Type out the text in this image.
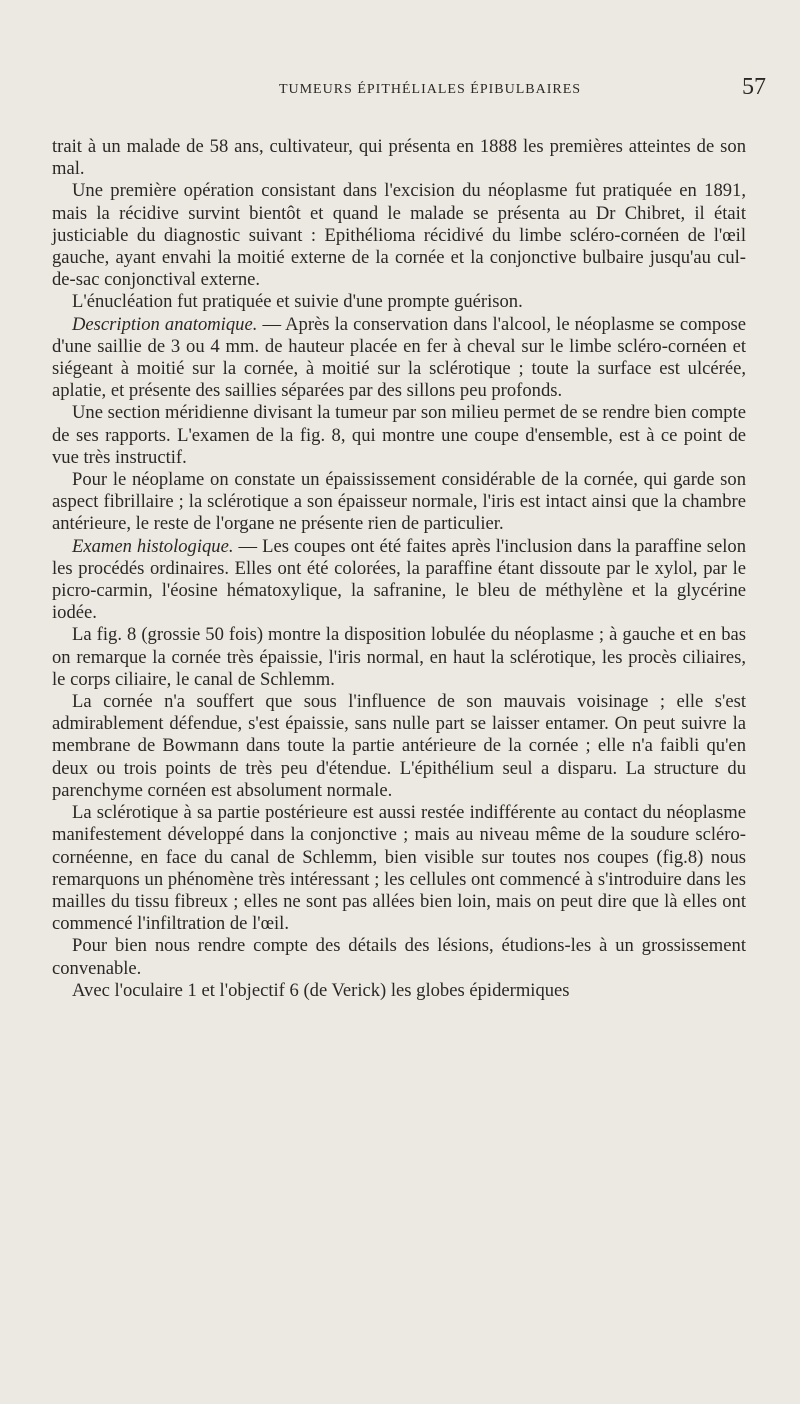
TUMEURS ÉPITHÉLIALES ÉPIBULBAIRES	57

trait à un malade de 58 ans, cultivateur, qui présenta en 1888 les premières atteintes de son mal.

Une première opération consistant dans l'excision du néoplasme fut pratiquée en 1891, mais la récidive survint bientôt et quand le malade se présenta au Dr Chibret, il était justiciable du diagnostic suivant : Epithélioma récidivé du limbe scléro-cornéen de l'œil gauche, ayant envahi la moitié externe de la cornée et la conjonctive bulbaire jusqu'au cul-de-sac conjonctival externe.

L'énucléation fut pratiquée et suivie d'une prompte guérison.

Description anatomique. — Après la conservation dans l'alcool, le néoplasme se compose d'une saillie de 3 ou 4 mm. de hauteur placée en fer à cheval sur le limbe scléro-cornéen et siégeant à moitié sur la cornée, à moitié sur la sclérotique ; toute la surface est ulcérée, aplatie, et présente des saillies séparées par des sillons peu profonds.

Une section méridienne divisant la tumeur par son milieu permet de se rendre bien compte de ses rapports. L'examen de la fig. 8, qui montre une coupe d'ensemble, est à ce point de vue très instructif.

Pour le néoplame on constate un épaississement considérable de la cornée, qui garde son aspect fibrillaire ; la sclérotique a son épaisseur normale, l'iris est intact ainsi que la chambre antérieure, le reste de l'organe ne présente rien de particulier.

Examen histologique. — Les coupes ont été faites après l'inclusion dans la paraffine selon les procédés ordinaires. Elles ont été colorées, la paraffine étant dissoute par le xylol, par le picro-carmin, l'éosine hématoxylique, la safranine, le bleu de méthylène et la glycérine iodée.

La fig. 8 (grossie 50 fois) montre la disposition lobulée du néoplasme ; à gauche et en bas on remarque la cornée très épaissie, l'iris normal, en haut la sclérotique, les procès ciliaires, le corps ciliaire, le canal de Schlemm.

La cornée n'a souffert que sous l'influence de son mauvais voisinage ; elle s'est admirablement défendue, s'est épaissie, sans nulle part se laisser entamer. On peut suivre la membrane de Bowmann dans toute la partie antérieure de la cornée ; elle n'a faibli qu'en deux ou trois points de très peu d'étendue. L'épithélium seul a disparu. La structure du parenchyme cornéen est absolument normale.

La sclérotique à sa partie postérieure est aussi restée indifférente au contact du néoplasme manifestement développé dans la conjonctive ; mais au niveau même de la soudure scléro-cornéenne, en face du canal de Schlemm, bien visible sur toutes nos coupes (fig.8) nous remarquons un phénomène très intéressant ; les cellules ont commencé à s'introduire dans les mailles du tissu fibreux ; elles ne sont pas allées bien loin, mais on peut dire que là elles ont commencé l'infiltration de l'œil.

Pour bien nous rendre compte des détails des lésions, étudions-les à un grossissement convenable.

Avec l'oculaire 1 et l'objectif 6 (de Verick) les globes épidermiques
